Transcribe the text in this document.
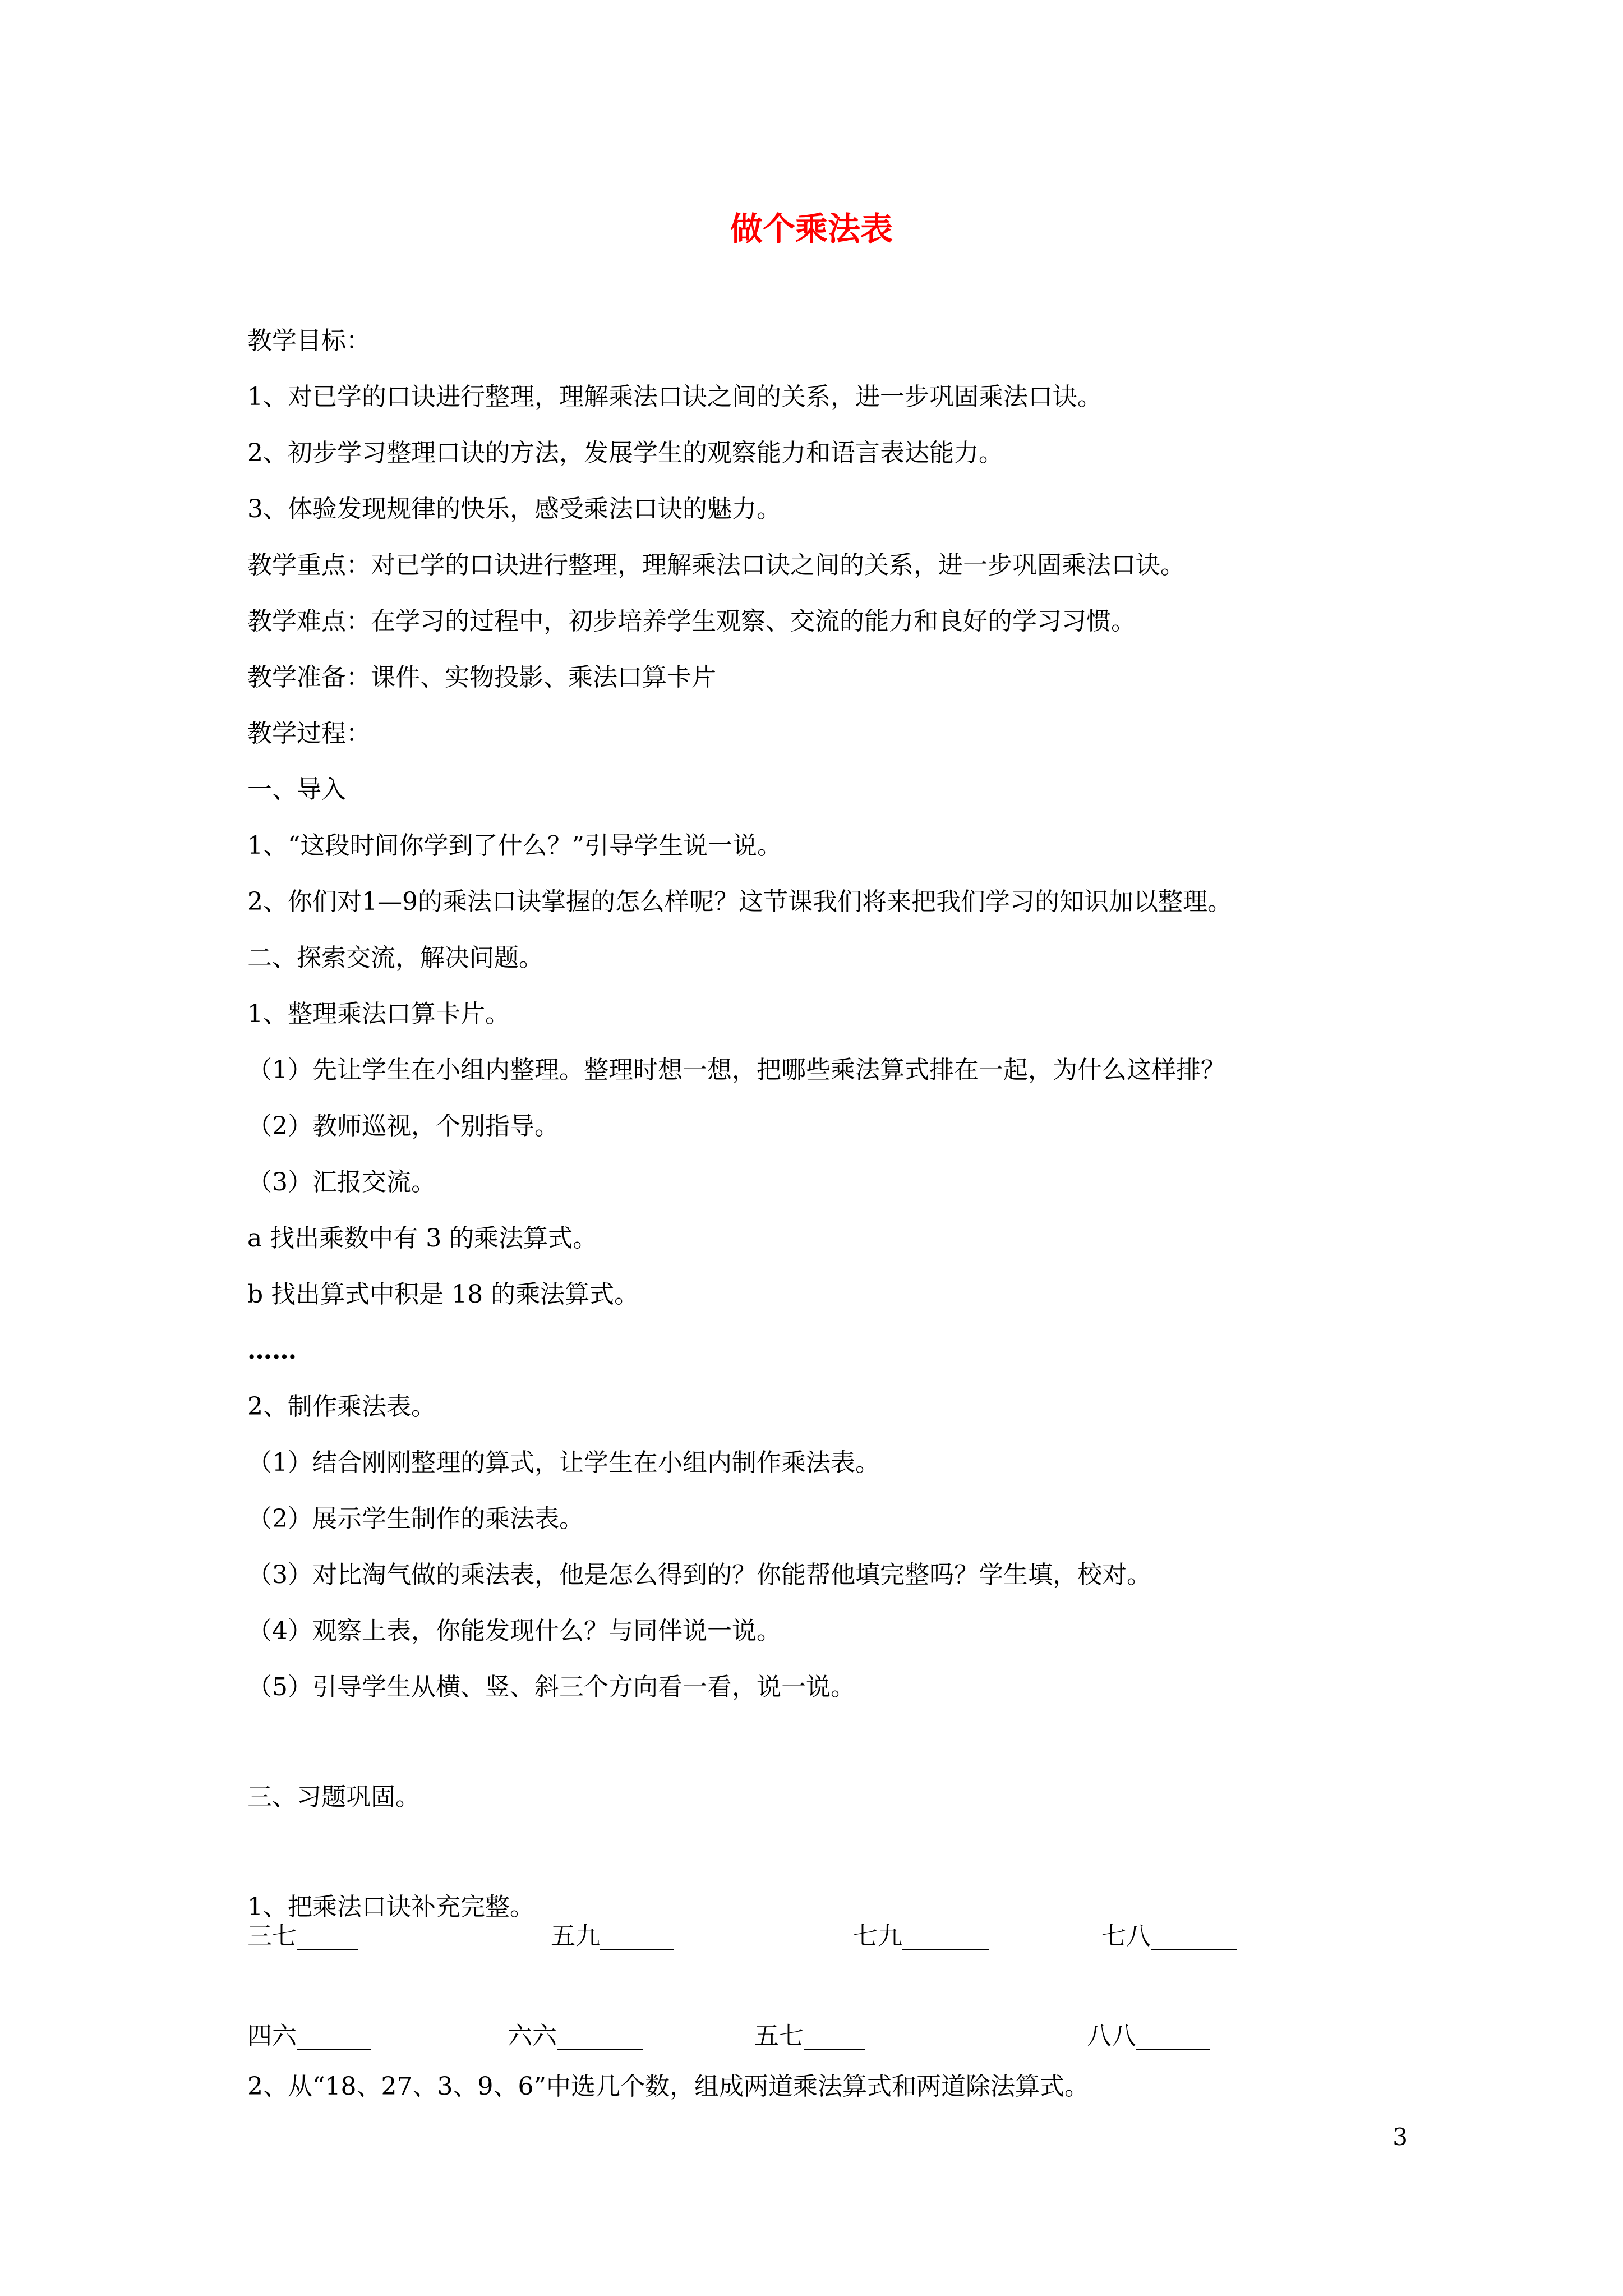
做个乘法表
教学目标：
1、对已学的口诀进行整理，理解乘法口诀之间的关系，进一步巩固乘法口诀。
2、初步学习整理口诀的方法，发展学生的观察能力和语言表达能力。
3、体验发现规律的快乐，感受乘法口诀的魅力。
教学重点：对已学的口诀进行整理，理解乘法口诀之间的关系，进一步巩固乘法口诀。
教学难点：在学习的过程中，初步培养学生观察、交流的能力和良好的学习习惯。
教学准备：课件、实物投影、乘法口算卡片
教学过程：
一、导入
1、“这段时间你学到了什么？”引导学生说一说。
2、你们对1—9的乘法口诀掌握的怎么样呢？这节课我们将来把我们学习的知识加以整理。
二、探索交流，解决问题。
1、整理乘法口算卡片。
（1）先让学生在小组内整理。整理时想一想，把哪些乘法算式排在一起，为什么这样排？
（2）教师巡视，个别指导。
（3）汇报交流。
a 找出乘数中有 3 的乘法算式。
b 找出算式中积是 18 的乘法算式。
……
2、制作乘法表。
（1）结合刚刚整理的算式，让学生在小组内制作乘法表。
（2）展示学生制作的乘法表。
（3）对比淘气做的乘法表，他是怎么得到的？你能帮他填完整吗？学生填，校对。
（4）观察上表，你能发现什么？与同伴说一说。
（5）引导学生从横、竖、斜三个方向看一看，说一说。
三、习题巩固。
1、把乘法口诀补充完整。
三七_____	五九______	七九_______	七八_______
四六______	六六_______	五七_____	八八______
2、从“18、27、3、9、6”中选几个数，组成两道乘法算式和两道除法算式。
3
